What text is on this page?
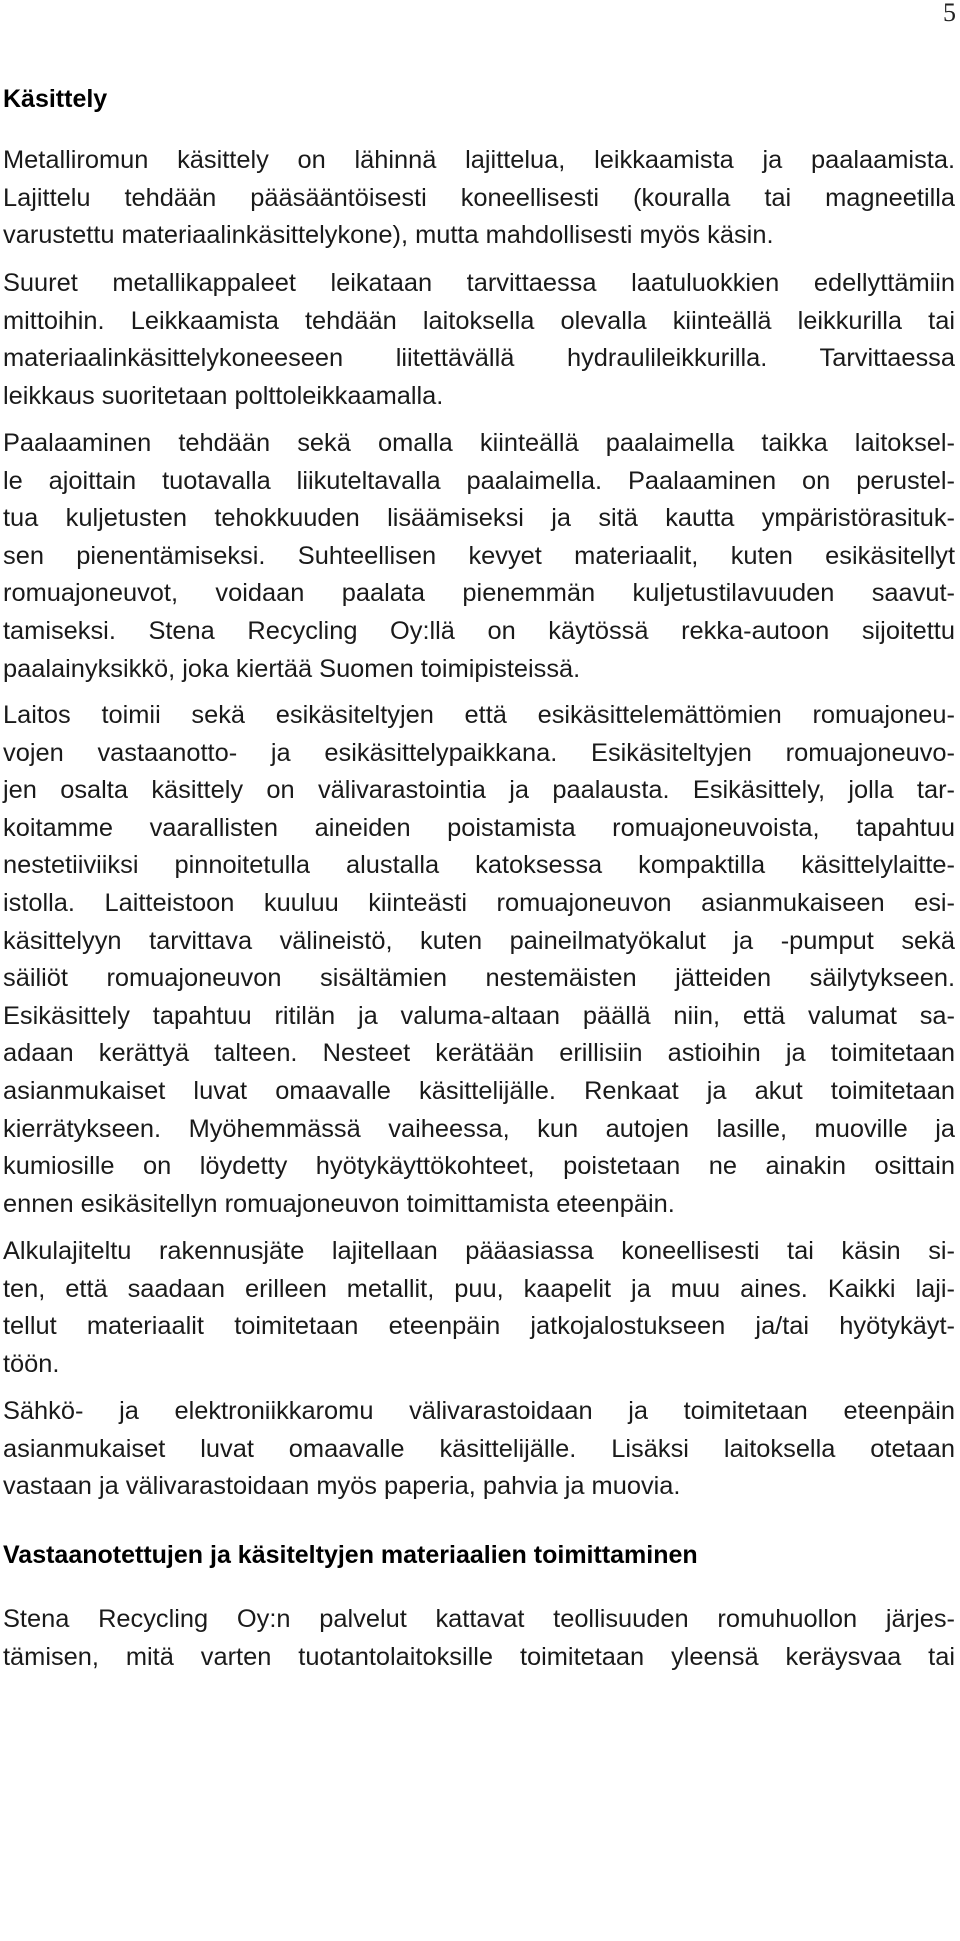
5
Käsittely
Metalliromun käsittely on lähinnä lajittelua, leikkaamista ja paalaamista.
Lajittelu tehdään pääsääntöisesti koneellisesti (kouralla tai magneetilla
varustettu materiaalinkäsittelykone), mutta mahdollisesti myös käsin.
Suuret metallikappaleet leikataan tarvittaessa laatuluokkien edellyttämiin
mittoihin. Leikkaamista tehdään laitoksella olevalla kiinteällä leikkurilla tai
materiaalinkäsittelykoneeseen liitettävällä hydraulileikkurilla. Tarvittaessa
leikkaus suoritetaan polttoleikkaamalla.
Paalaaminen tehdään sekä omalla kiinteällä paalaimella taikka laitoksel-
le ajoittain tuotavalla liikuteltavalla paalaimella. Paalaaminen on perustel-
tua kuljetusten tehokkuuden lisäämiseksi ja sitä kautta ympäristörasituk-
sen pienentämiseksi. Suhteellisen kevyet materiaalit, kuten esikäsitellyt
romuajoneuvot, voidaan paalata pienemmän kuljetustilavuuden saavut-
tamiseksi. Stena Recycling Oy:llä on käytössä rekka-autoon sijoitettu
paalainyksikkö, joka kiertää Suomen toimipisteissä.
Laitos toimii sekä esikäsiteltyjen että esikäsittelemättömien romuajoneu-
vojen vastaanotto- ja esikäsittelypaikkana. Esikäsiteltyjen romuajoneuvo-
jen osalta käsittely on välivarastointia ja paalausta. Esikäsittely, jolla tar-
koitamme vaarallisten aineiden poistamista romuajoneuvoista, tapahtuu
nestetiiviiksi pinnoitetulla alustalla katoksessa kompaktilla käsittelylaitte-
istolla. Laitteistoon kuuluu kiinteästi romuajoneuvon asianmukaiseen esi-
käsittelyyn tarvittava välineistö, kuten paineilmatyökalut ja -pumput sekä
säiliöt romuajoneuvon sisältämien nestemäisten jätteiden säilytykseen.
Esikäsittely tapahtuu ritilän ja valuma-altaan päällä niin, että valumat sa-
adaan kerättyä talteen. Nesteet kerätään erillisiin astioihin ja toimitetaan
asianmukaiset luvat omaavalle käsittelijälle. Renkaat ja akut toimitetaan
kierrätykseen. Myöhemmässä vaiheessa, kun autojen lasille, muoville ja
kumiosille on löydetty hyötykäyttökohteet, poistetaan ne ainakin osittain
ennen esikäsitellyn romuajoneuvon toimittamista eteenpäin.
Alkulajiteltu rakennusjäte lajitellaan pääasiassa koneellisesti tai käsin si-
ten, että saadaan erilleen metallit, puu, kaapelit ja muu aines. Kaikki laji-
tellut materiaalit toimitetaan eteenpäin jatkojalostukseen ja/tai hyötykäyt-
töön.
Sähkö- ja elektroniikkaromu välivarastoidaan ja toimitetaan eteenpäin
asianmukaiset luvat omaavalle käsittelijälle. Lisäksi laitoksella otetaan
vastaan ja välivarastoidaan myös paperia, pahvia ja muovia.
Vastaanotettujen ja käsiteltyjen materiaalien toimittaminen
Stena Recycling Oy:n palvelut kattavat teollisuuden romuhuollon järjes-
tämisen, mitä varten tuotantolaitoksille toimitetaan yleensä keräysvaa tai
